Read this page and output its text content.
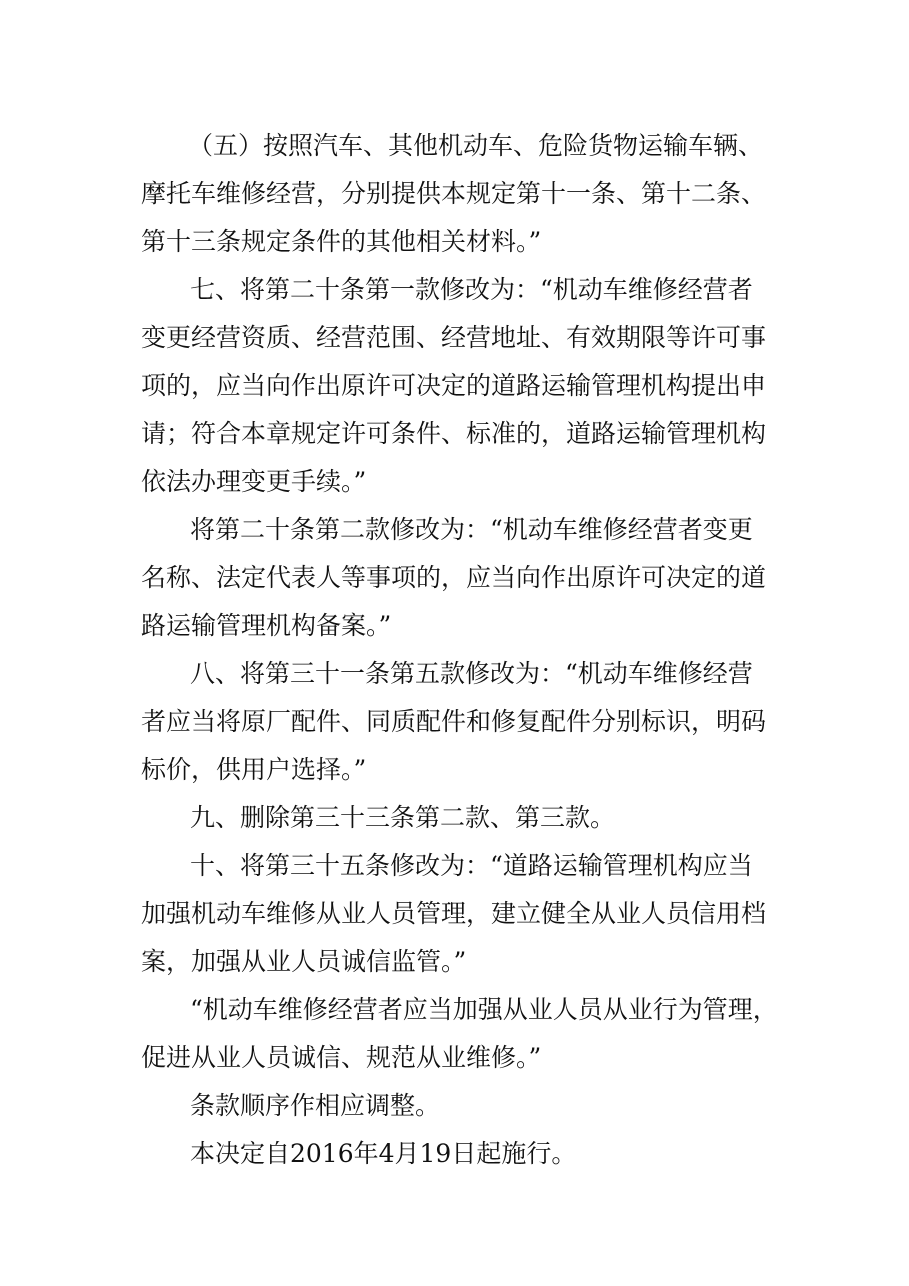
（五）按照汽车、其他机动车、危险货物运输车辆、
摩托车维修经营，分别提供本规定第十一条、第十二条、
第十三条规定条件的其他相关材料。”
七、将第二十条第一款修改为：“机动车维修经营者
变更经营资质、经营范围、经营地址、有效期限等许可事
项的，应当向作出原许可决定的道路运输管理机构提出申
请；符合本章规定许可条件、标准的，道路运输管理机构
依法办理变更手续。”
将第二十条第二款修改为：“机动车维修经营者变更
名称、法定代表人等事项的，应当向作出原许可决定的道
路运输管理机构备案。”
八、将第三十一条第五款修改为：“机动车维修经营
者应当将原厂配件、同质配件和修复配件分别标识，明码
标价，供用户选择。”
九、删除第三十三条第二款、第三款。
十、将第三十五条修改为：“道路运输管理机构应当
加强机动车维修从业人员管理，建立健全从业人员信用档
案，加强从业人员诚信监管。”
“机动车维修经营者应当加强从业人员从业行为管理，
促进从业人员诚信、规范从业维修。”
条款顺序作相应调整。
本决定自2016年4月19日起施行。
